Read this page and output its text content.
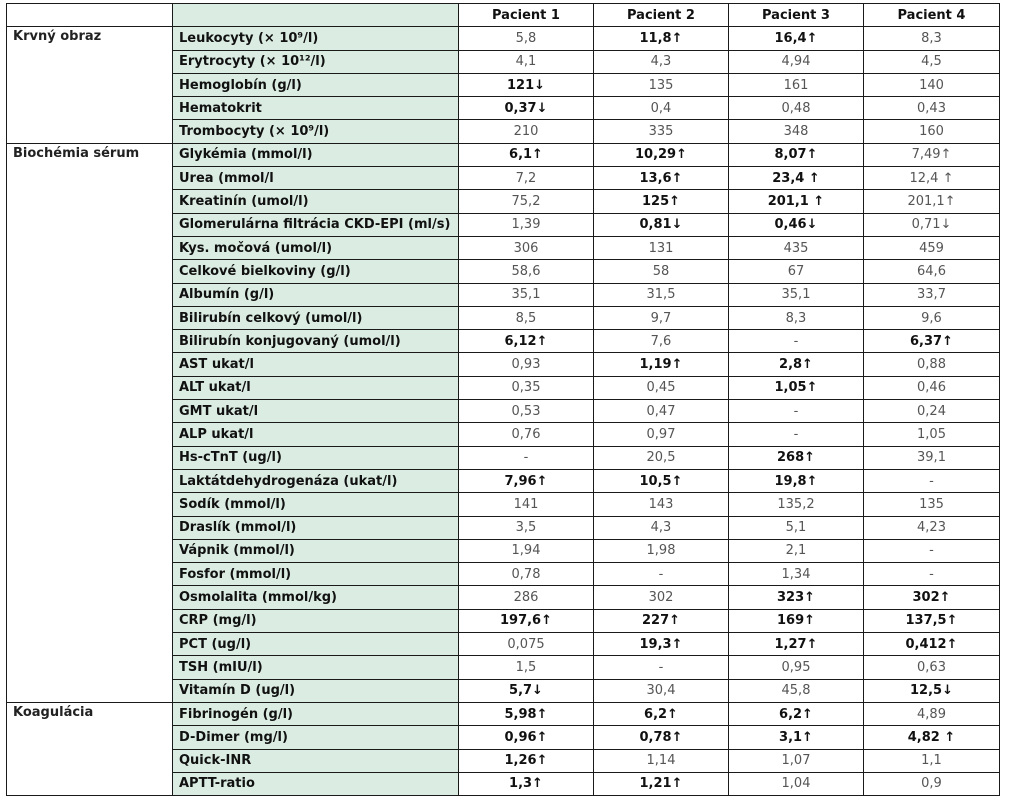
		Pacient 1	Pacient 2	Pacient 3	Pacient 4
Krvný obraz	Leukocyty (× 10⁹/l)	5,8	11,8↑	16,4↑	8,3
	Erytrocyty (× 10¹²/l)	4,1	4,3	4,94	4,5
	Hemoglobín (g/l)	121↓	135	161	140
	Hematokrit	0,37↓	0,4	0,48	0,43
	Trombocyty (× 10⁹/l)	210	335	348	160
Biochémia sérum	Glykémia (mmol/l)	6,1↑	10,29↑	8,07↑	7,49↑
	Urea (mmol/l	7,2	13,6↑	23,4 ↑	12,4 ↑
	Kreatinín (umol/l)	75,2	125↑	201,1 ↑	201,1↑
	Glomerulárna filtrácia CKD-EPI (ml/s)	1,39	0,81↓	0,46↓	0,71↓
	Kys. močová (umol/l)	306	131	435	459
	Celkové bielkoviny (g/l)	58,6	58	67	64,6
	Albumín (g/l)	35,1	31,5	35,1	33,7
	Bilirubín celkový (umol/l)	8,5	9,7	8,3	9,6
	Bilirubín konjugovaný (umol/l)	6,12↑	7,6	-	6,37↑
	AST ukat/l	0,93	1,19↑	2,8↑	0,88
	ALT ukat/l	0,35	0,45	1,05↑	0,46
	GMT ukat/l	0,53	0,47	-	0,24
	ALP ukat/l	0,76	0,97	-	1,05
	Hs-cTnT (ug/l)	-	20,5	268↑	39,1
	Laktátdehydrogenáza (ukat/l)	7,96↑	10,5↑	19,8↑	-
	Sodík (mmol/l)	141	143	135,2	135
	Draslík (mmol/l)	3,5	4,3	5,1	4,23
	Vápnik (mmol/l)	1,94	1,98	2,1	-
	Fosfor (mmol/l)	0,78	-	1,34	-
	Osmolalita (mmol/kg)	286	302	323↑	302↑
	CRP (mg/l)	197,6↑	227↑	169↑	137,5↑
	PCT (ug/l)	0,075	19,3↑	1,27↑	0,412↑
	TSH (mIU/l)	1,5	-	0,95	0,63
	Vitamín D (ug/l)	5,7↓	30,4	45,8	12,5↓
Koagulácia	Fibrinogén (g/l)	5,98↑	6,2↑	6,2↑	4,89
	D-Dimer (mg/l)	0,96↑	0,78↑	3,1↑	4,82 ↑
	Quick-INR	1,26↑	1,14	1,07	1,1
	APTT-ratio	1,3↑	1,21↑	1,04	0,9
